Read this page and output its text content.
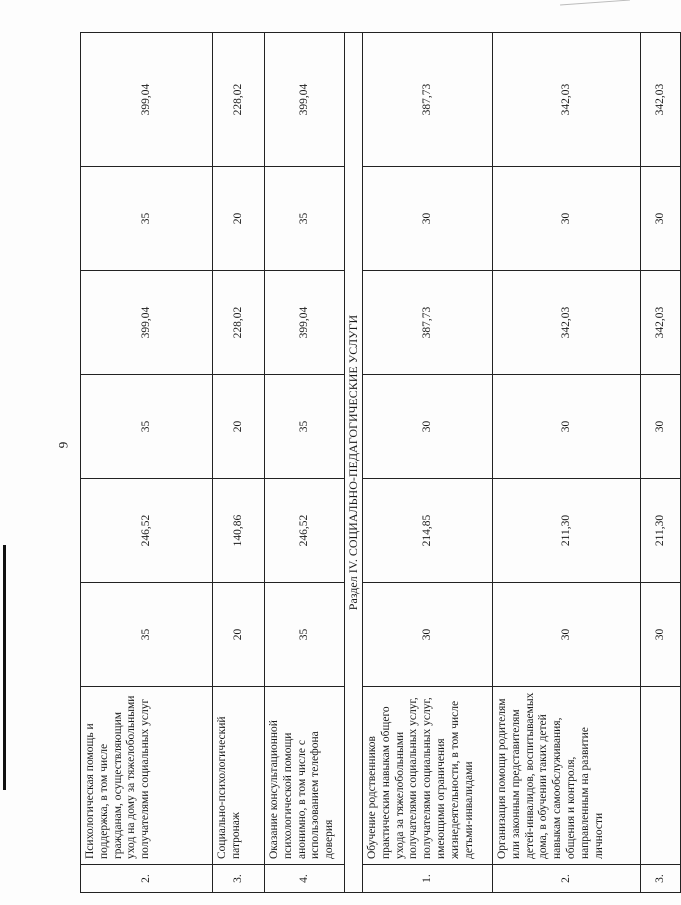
9
2.	Психологическая помощь и поддержка, в том числе гражданам, осуществляющим уход на дому за тяжелобольными получателями социальных услуг	35	246,52	35	399,04	35	399,04
3.	Социально-психологический патронаж	20	140,86	20	228,02	20	228,02
4.	Оказание консультационной психологической помощи анонимно, в том числе с использованием телефона доверия	35	246,52	35	399,04	35	399,04
Раздел IV. СОЦИАЛЬНО-ПЕДАГОГИЧЕСКИЕ УСЛУГИ							
1.	Обучение родственников практическим навыкам общего ухода за тяжелобольными получателями социальных услуг, получателями социальных услуг, имеющими ограничения жизнедеятельности, в том числе детьми-инвалидами	30	214,85	30	387,73	30	387,73
2.	Организация помощи родителям или законным представителям детей-инвалидов, воспитываемых дома, в обучении таких детей навыкам самообслуживания, общения и контроля, направленным на развитие личности	30	211,30	30	342,03	30	342,03
3.		30	211,30	30	342,03	30	342,03
